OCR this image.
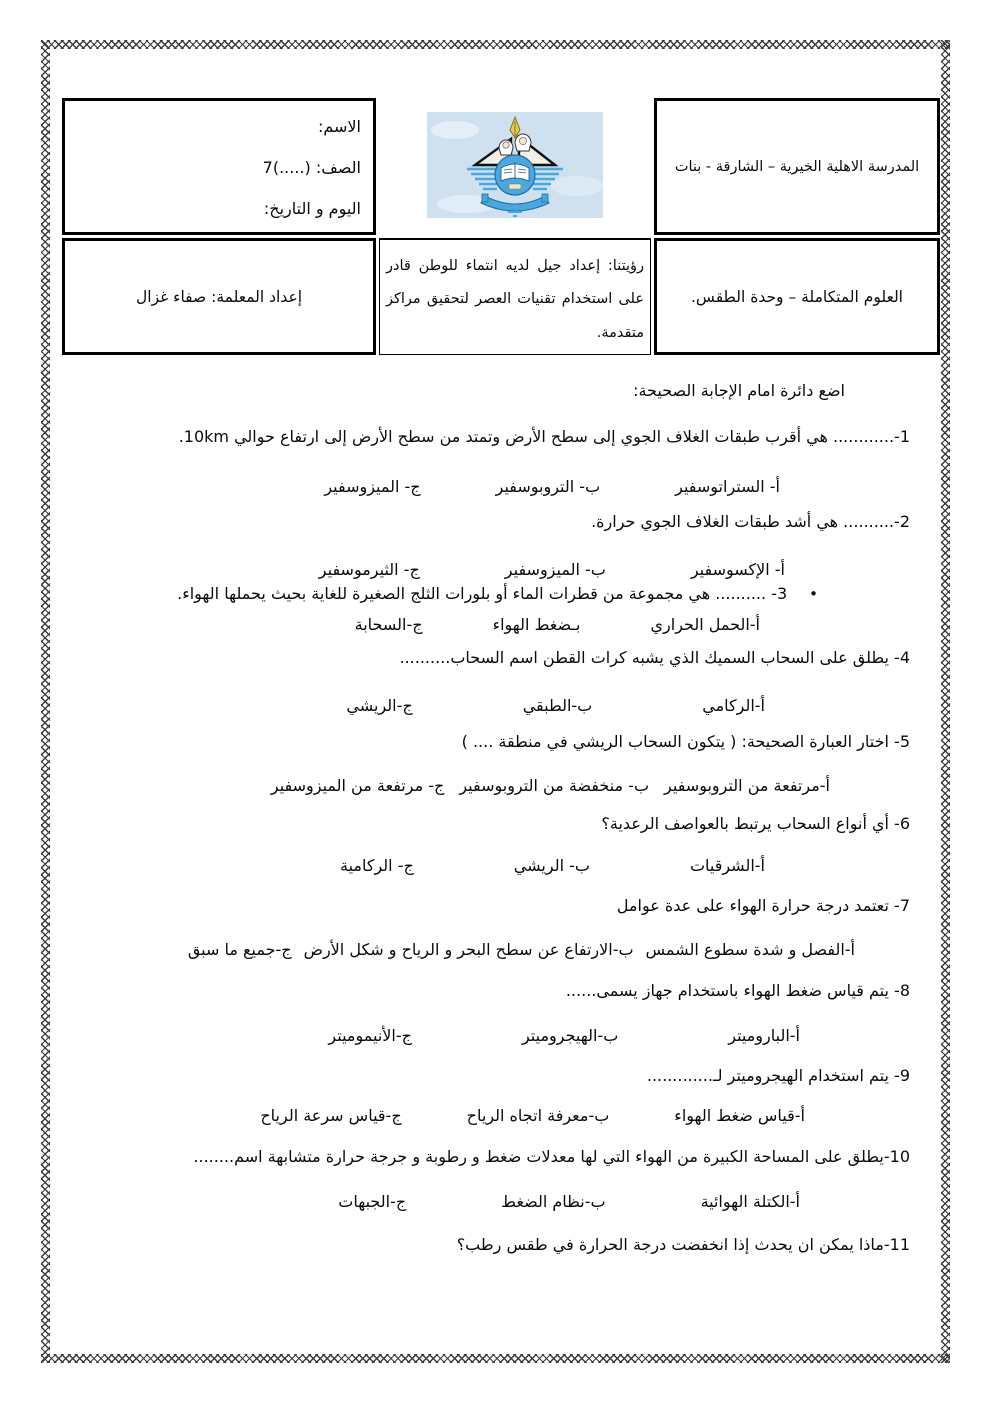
المدرسة الاهلية الخيرية – الشارقة - بنات
الاسم:
الصف: (.....)7
اليوم و التاريخ:
العلوم المتكاملة – وحدة الطقس.
رؤيتنا: إعداد جيل لديه انتماء للوطن قادر على استخدام تقنيات العصر لتحقيق مراكز متقدمة.
إعداد المعلمة: صفاء غزال
اضع دائرة امام الإجابة الصحيحة:
1-............ هي أقرب طبقات الغلاف الجوي إلى سطح الأرض وتمتد من سطح الأرض إلى ارتفاع حوالي 10km.
أ- الستراتوسفير
ب- التروبوسفير
ج- الميزوسفير
2-.......... هي أشد طبقات الغلاف الجوي حرارة.
أ- الإكسوسفير
ب- الميزوسفير
ج- الثيرموسفير
•
3- .......... هي مجموعة من قطرات الماء أو بلورات الثلج الصغيرة للغاية بحيث يحملها الهواء.
أ-الحمل الحراري
بـضغط الهواء
ج-السحابة
4- يطلق على السحاب السميك الذي يشبه كرات القطن اسم السحاب..........
أ-الركامي
ب-الطبقي
ج-الريشي
5- اختار العبارة الصحيحة: ( يتكون السحاب الريشي في منطقة .... )
أ-مرتفعة من التروبوسفير
ب- منخفضة من التروبوسفير
ج- مرتفعة من الميزوسفير
6- أي أنواع السحاب يرتبط بالعواصف الرعدية؟
أ-الشرقيات
ب- الريشي
ج- الركامية
7- تعتمد درجة حرارة الهواء على عدة عوامل
أ-الفصل و شدة سطوع الشمس
ب-الارتفاع عن سطح البحر و الرياح و شكل الأرض
ج-جميع ما سبق
8- يتم قياس ضغط الهواء باستخدام جهاز يسمى......
أ-الباروميتر
ب-الهيجروميتر
ج-الأنيموميتر
9- يتم استخدام الهيجروميتر لـ.............
أ-قياس ضغط الهواء
ب-معرفة اتجاه الرياح
ج-قياس سرعة الرياح
10-يطلق على المساحة الكبيرة من الهواء التي لها معدلات ضغط و رطوبة و جرجة حرارة متشابهة اسم........
أ-الكتلة الهوائية
ب-نظام الضغط
ج-الجبهات
11-ماذا يمكن ان يحدث إذا انخفضت درجة الحرارة في طقس رطب؟
